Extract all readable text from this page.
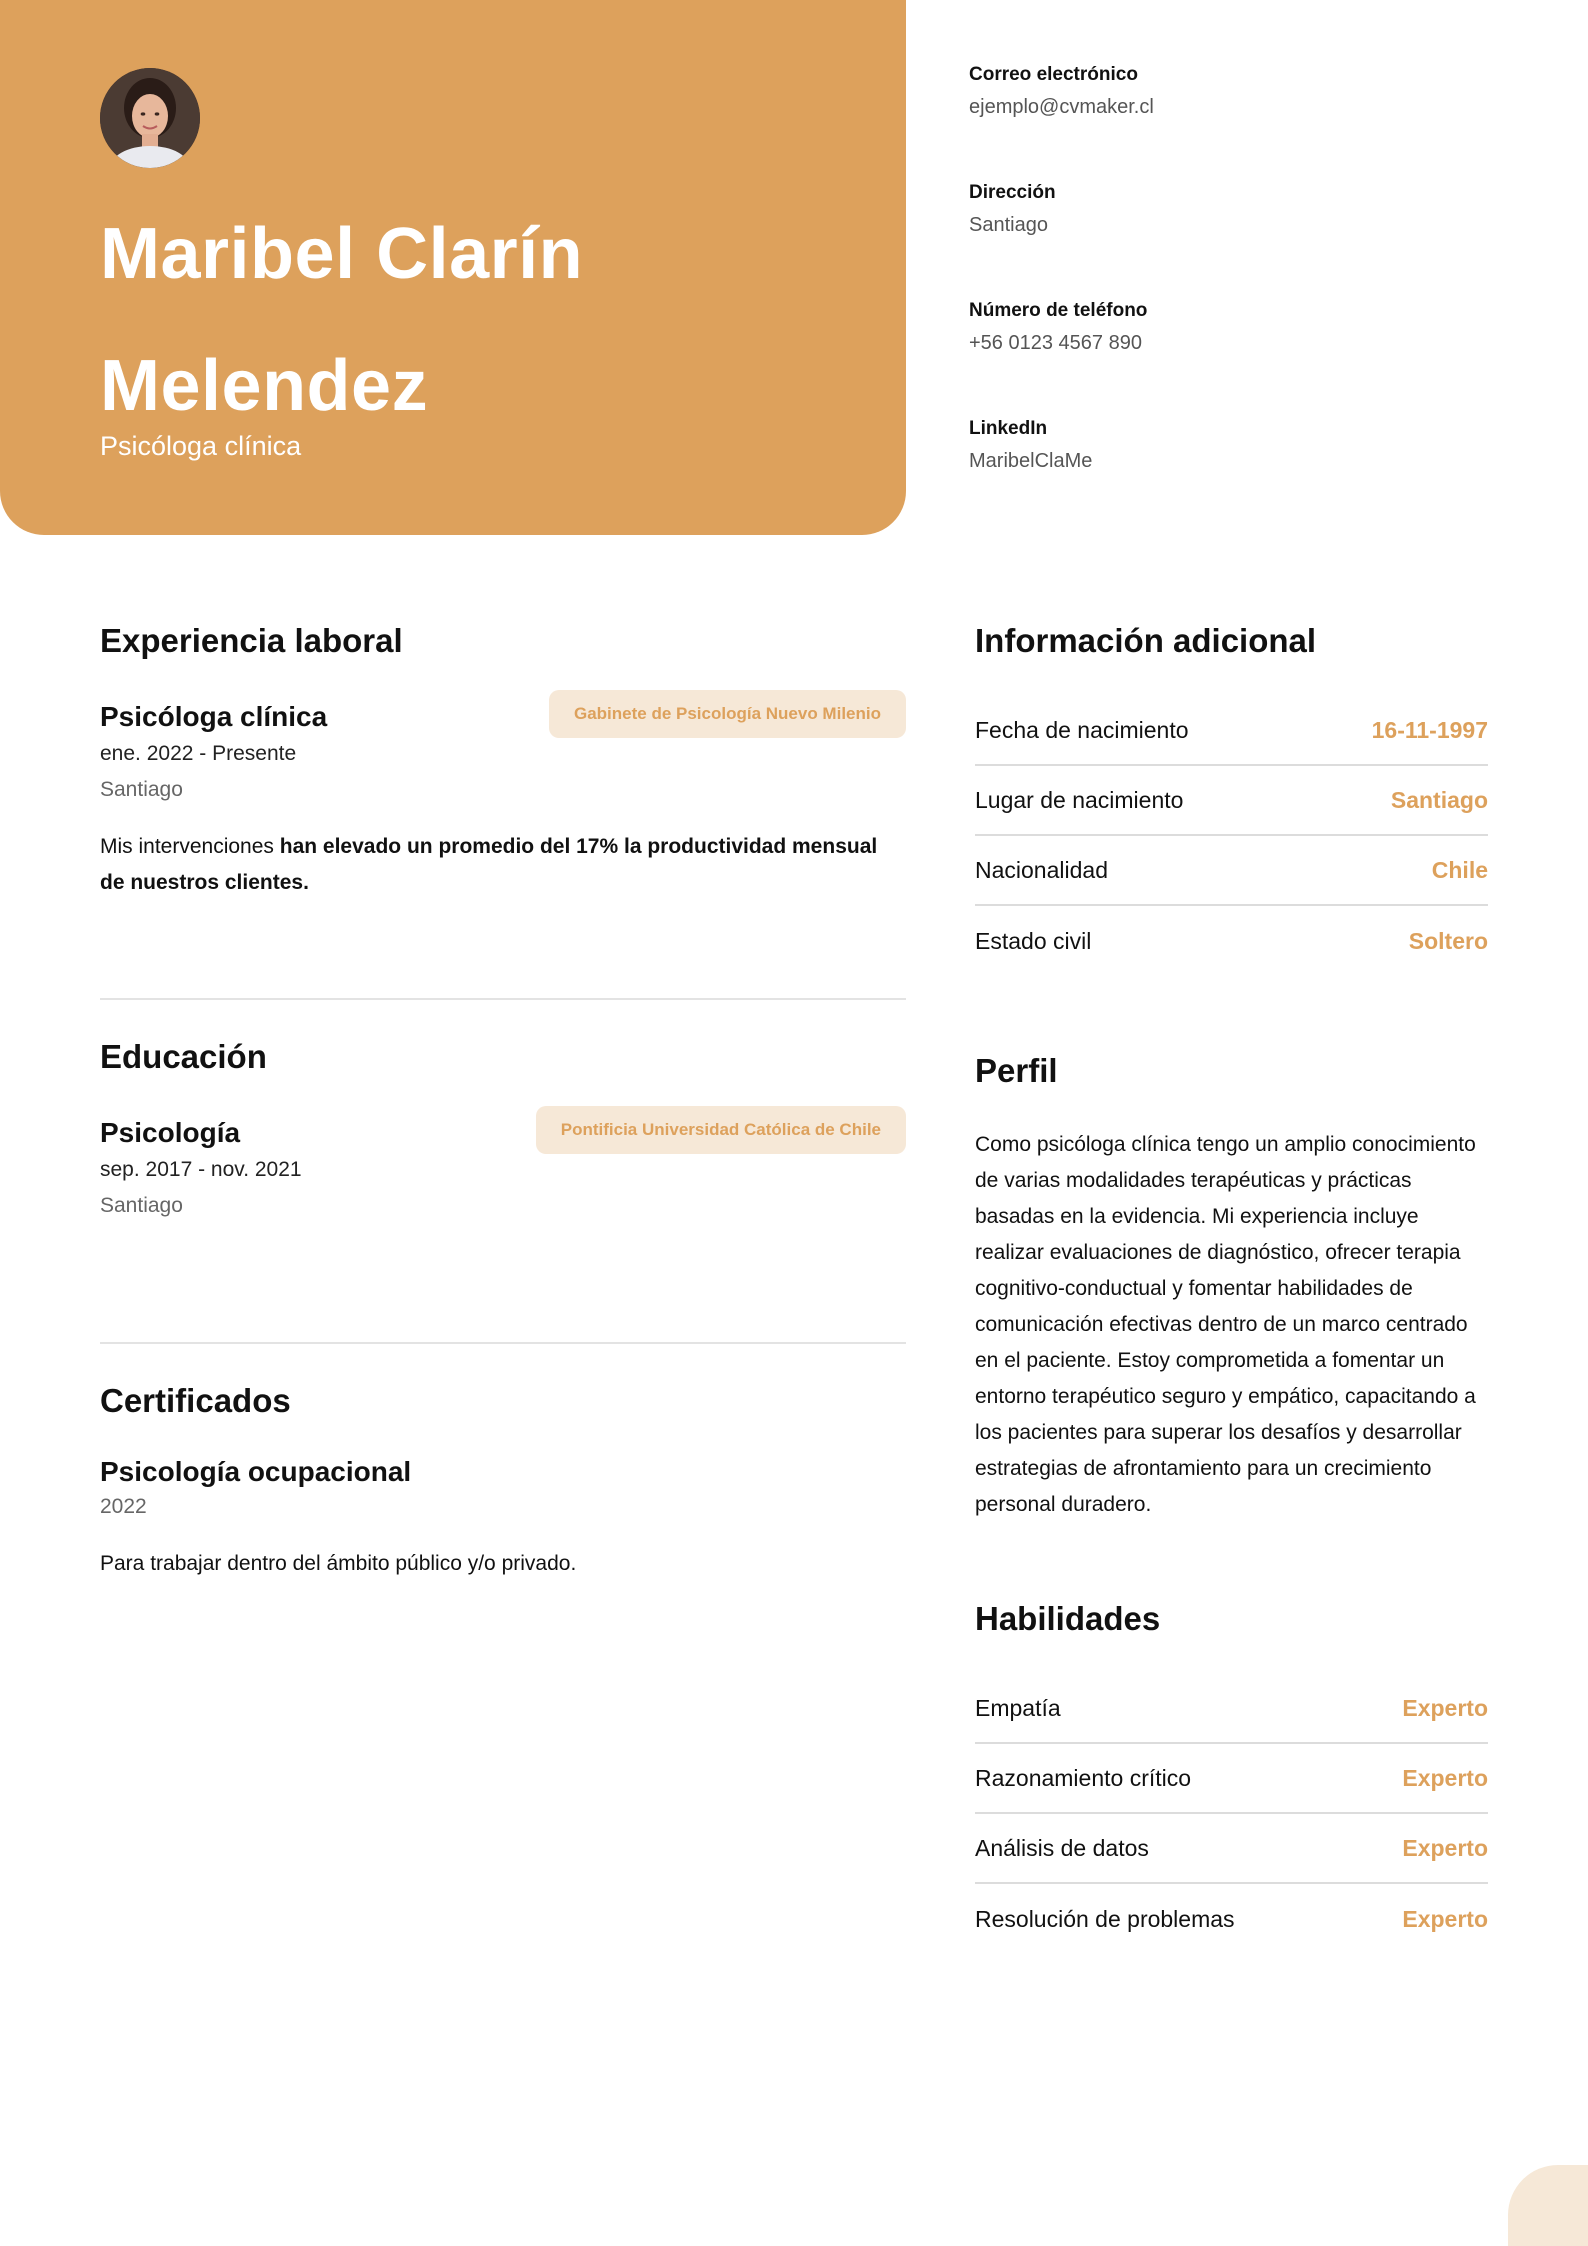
Maribel Clarín
Melendez
Psicóloga clínica
Correo electrónico
ejemplo@cvmaker.cl
Dirección
Santiago
Número de teléfono
+56 0123 4567 890
LinkedIn
MaribelClaMe
Experiencia laboral
Psicóloga clínica	Gabinete de Psicología Nuevo Milenio
ene. 2022 - Presente
Santiago
Mis intervenciones han elevado un promedio del 17% la productividad mensual de nuestros clientes.
Educación
Psicología	Pontificia Universidad Católica de Chile
sep. 2017 - nov. 2021
Santiago
Certificados
Psicología ocupacional
2022
Para trabajar dentro del ámbito público y/o privado.
Información adicional
Fecha de nacimiento	16-11-1997
Lugar de nacimiento	Santiago
Nacionalidad	Chile
Estado civil	Soltero
Perfil
Como psicóloga clínica tengo un amplio conocimiento de varias modalidades terapéuticas y prácticas basadas en la evidencia. Mi experiencia incluye realizar evaluaciones de diagnóstico, ofrecer terapia cognitivo-conductual y fomentar habilidades de comunicación efectivas dentro de un marco centrado en el paciente. Estoy comprometida a fomentar un entorno terapéutico seguro y empático, capacitando a los pacientes para superar los desafíos y desarrollar estrategias de afrontamiento para un crecimiento personal duradero.
Habilidades
Empatía	Experto
Razonamiento crítico	Experto
Análisis de datos	Experto
Resolución de problemas	Experto
